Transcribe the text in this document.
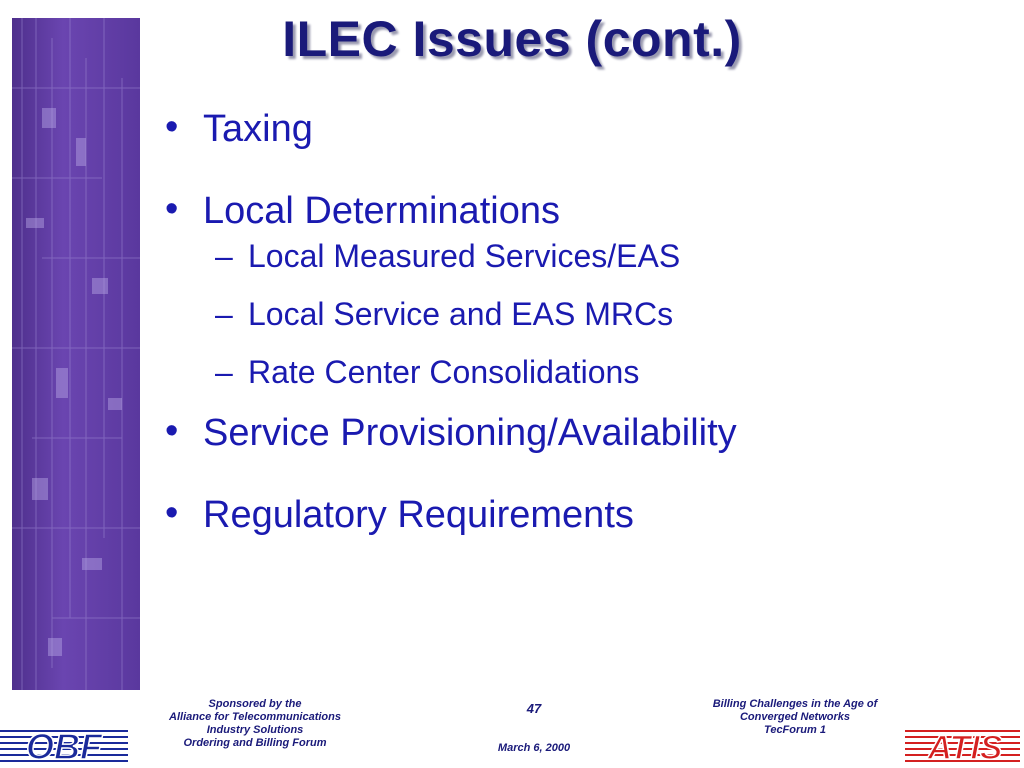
ILEC Issues (cont.)
• Taxing
• Local Determinations
– Local Measured Services/EAS
– Local Service and EAS MRCs
– Rate Center Consolidations
• Service Provisioning/Availability
• Regulatory Requirements
Sponsored by the
Alliance for Telecommunications
Industry Solutions
Ordering and Billing Forum
47
March 6, 2000
Billing Challenges in the Age of
Converged Networks
TecForum 1
OBF	ATIS
